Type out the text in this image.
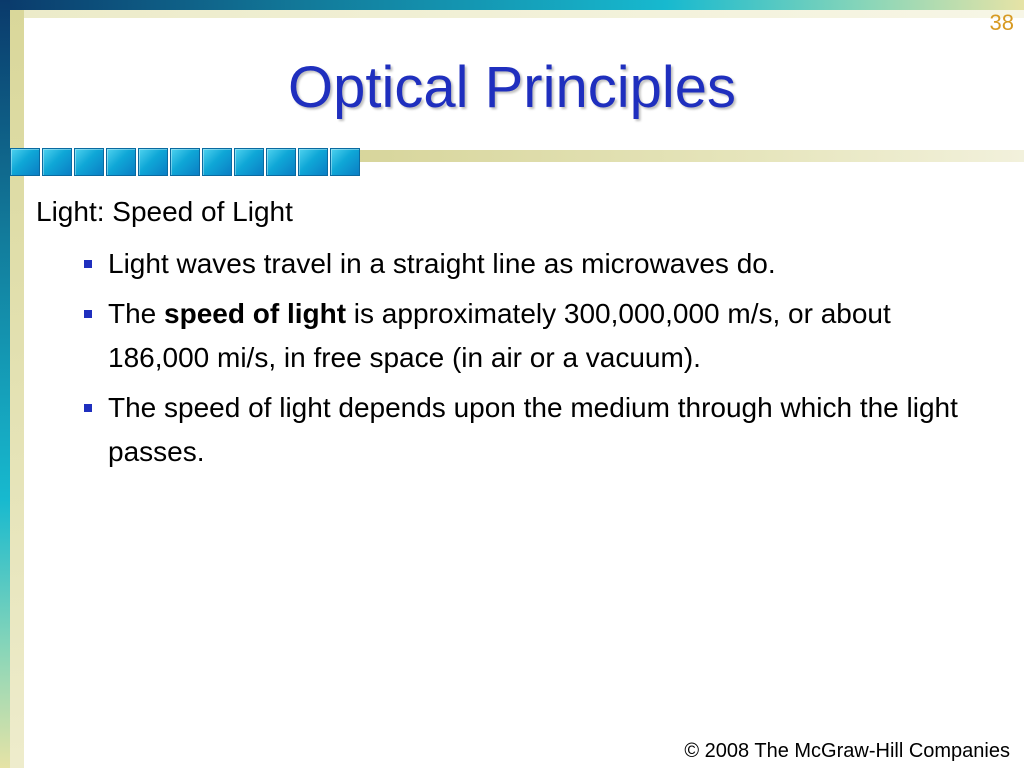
38
Optical Principles
Light: Speed of Light
Light waves travel in a straight line as microwaves do.
The speed of light is approximately 300,000,000 m/s, or about 186,000 mi/s, in free space (in air or a vacuum).
The speed of light depends upon the medium through which the light passes.
© 2008 The McGraw-Hill Companies
